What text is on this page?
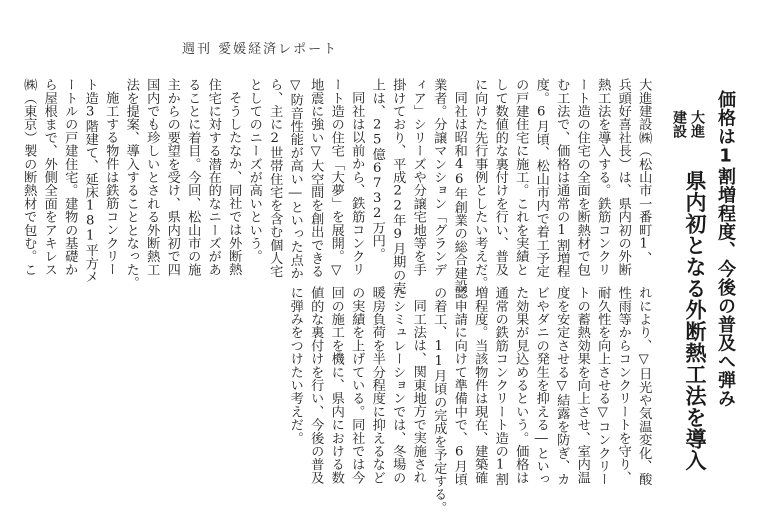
週刊 愛媛経済レポート
価格は1割増程度、今後の普及へ弾み
県内初となる外断熱工法を導入
大進
建設
大進建設㈱（松山市一番町1、
兵頭好喜社長）は、県内初の外断
熱工法を導入する。鉄筋コンクリ
ート造の住宅の全面を断熱材で包
む工法で、価格は通常の1割増程
度。6月頃、松山市内で着工予定
の戸建住宅に施工。これを実績と
して数値的な裏付けを行い、普及
に向けた先行事例としたい考えだ。
同社は昭和46年創業の総合建設
業者。分譲マンション「グランデ
ィア」シリーズや分譲宅地等を手
掛けており、平成22年9月期の売
上は、25億6732万円。
同社は以前から、鉄筋コンクリ
ート造の住宅「大夢」を展開。▽
地震に強い▽大空間を創出できる
▽防音性能が高い―といった点か
ら、主に2世帯住宅を含む個人宅
としてのニーズが高いという。
そうしたなか、同社では外断熱
住宅に対する潜在的なニーズがあ
ることに着目。今回、松山市の施
主からの要望を受け、県内初で四
国内でも珍しいとされる外断熱工
法を提案、導入することとなった。
施工する物件は鉄筋コンクリー
ト造3階建て、延床181平方メ
ートルの戸建住宅。建物の基礎か
ら屋根まで、外側全面をアキレス
㈱（東京）製の断熱材で包む。こ
れにより、▽日光や気温変化、酸
性雨等からコンクリートを守り、
耐久性を向上させる▽コンクリー
トの蓄熱効果を向上させ、室内温
度を安定させる▽結露を防ぎ、カ
ビやダニの発生を抑える―といっ
た効果が見込めるという。価格は
通常の鉄筋コンクリート造の1割
増程度。当該物件は現在、建築確
認申請に向けて準備中で、6月頃
の着工、11月頃の完成を予定する。
同工法は、関東地方で実施され
たシミュレーションでは、冬場の
暖房負荷を半分程度に抑えるなど
の実績を上げている。同社では今
回の施工を機に、県内における数
値的な裏付けを行い、今後の普及
に弾みをつけたい考えだ。
